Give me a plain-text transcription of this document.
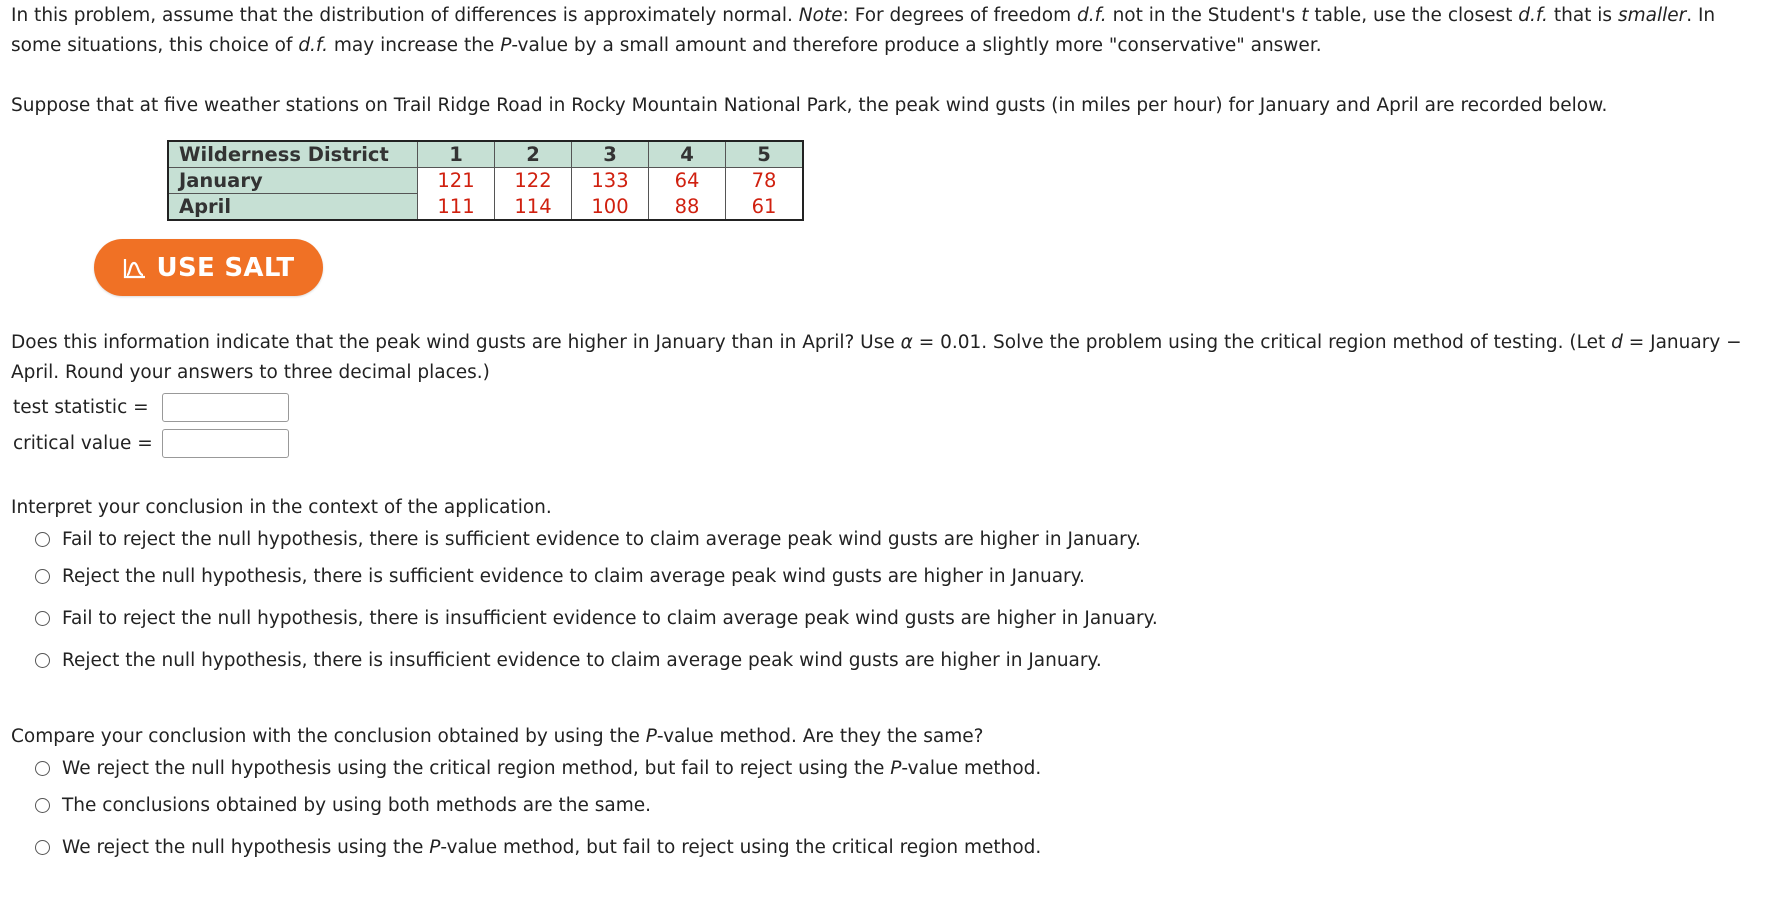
In this problem, assume that the distribution of differences is approximately normal. Note: For degrees of freedom d.f. not in the Student's t table, use the closest d.f. that is smaller. In some situations, this choice of d.f. may increase the P-value by a small amount and therefore produce a slightly more "conservative" answer.
Suppose that at five weather stations on Trail Ridge Road in Rocky Mountain National Park, the peak wind gusts (in miles per hour) for January and April are recorded below.
Wilderness District	1	2	3	4	5
January	121	122	133	64	78
April	111	114	100	88	61
USE SALT
Does this information indicate that the peak wind gusts are higher in January than in April? Use α = 0.01. Solve the problem using the critical region method of testing. (Let d = January − April. Round your answers to three decimal places.)
test statistic =
critical value =
Interpret your conclusion in the context of the application.
Fail to reject the null hypothesis, there is sufficient evidence to claim average peak wind gusts are higher in January.
Reject the null hypothesis, there is sufficient evidence to claim average peak wind gusts are higher in January.
Fail to reject the null hypothesis, there is insufficient evidence to claim average peak wind gusts are higher in January.
Reject the null hypothesis, there is insufficient evidence to claim average peak wind gusts are higher in January.
Compare your conclusion with the conclusion obtained by using the P-value method. Are they the same?
We reject the null hypothesis using the critical region method, but fail to reject using the P-value method.
The conclusions obtained by using both methods are the same.
We reject the null hypothesis using the P-value method, but fail to reject using the critical region method.
